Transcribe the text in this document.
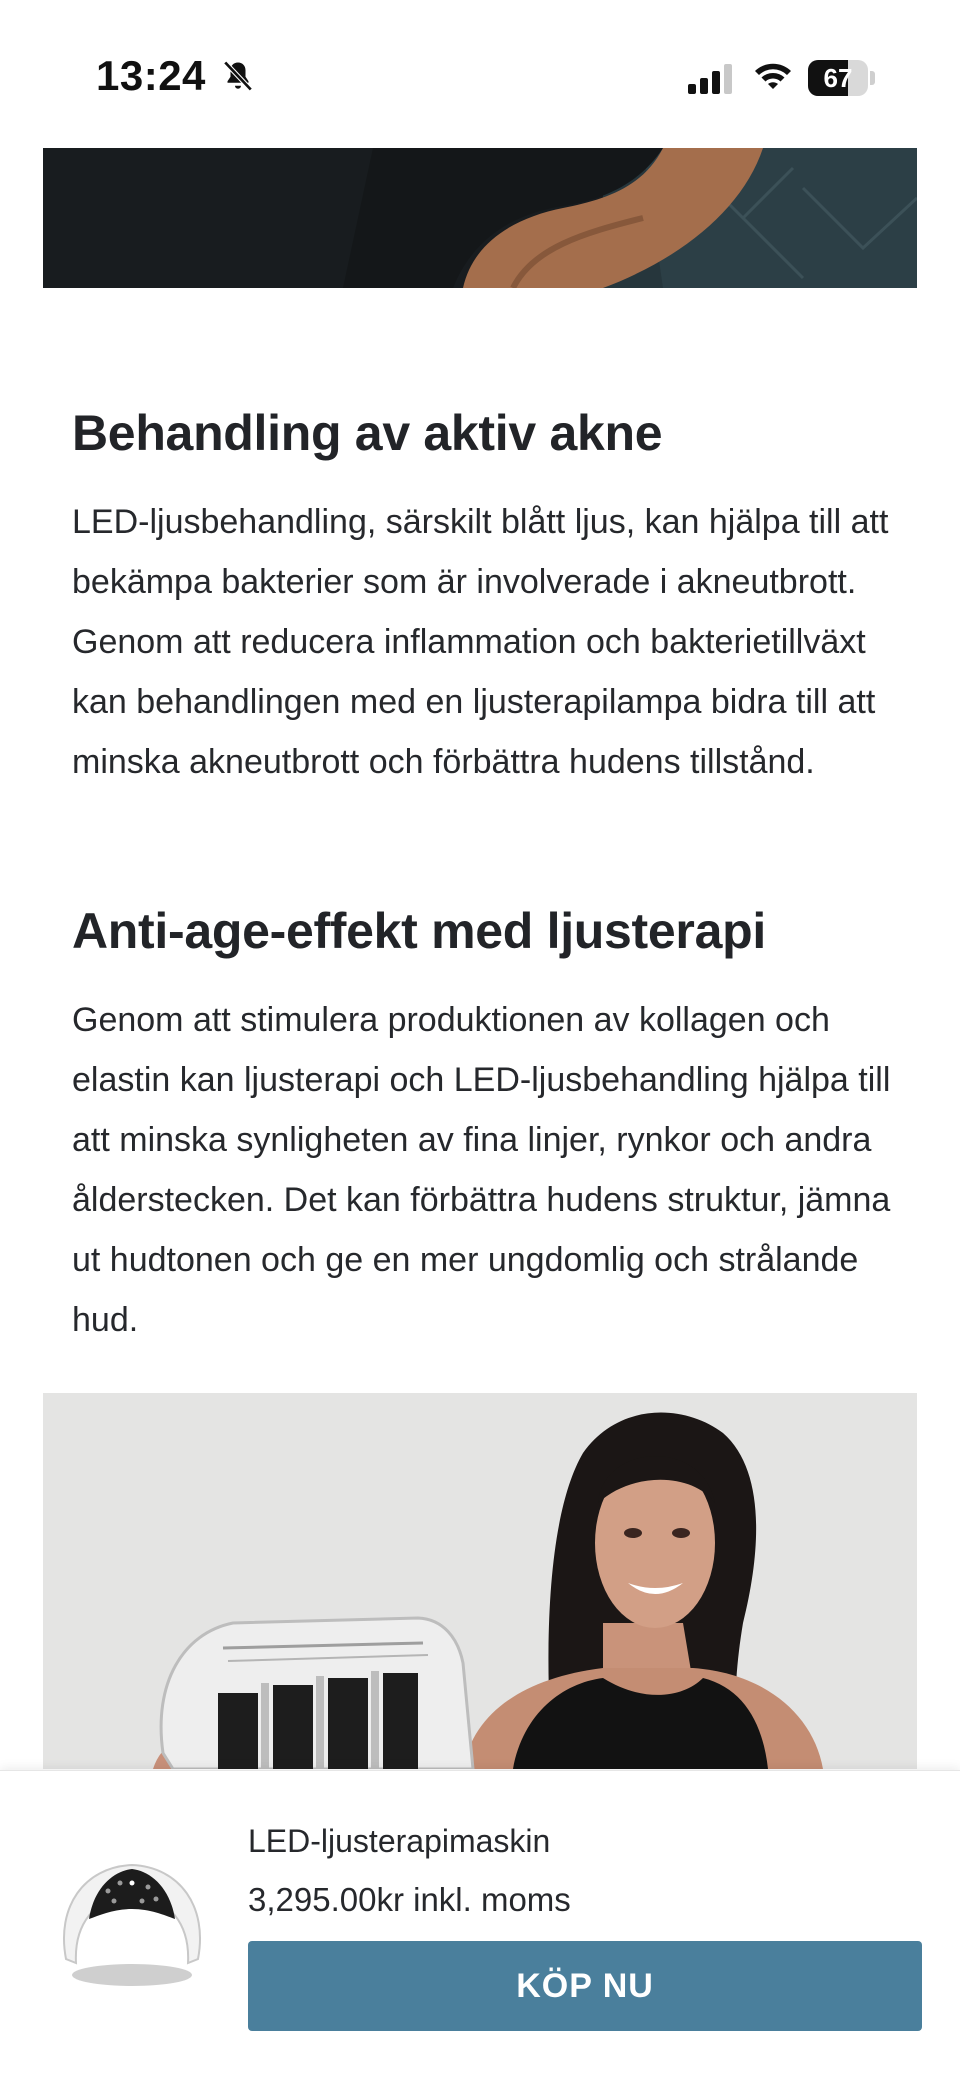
13:24	67
Behandling av aktiv akne

LED-ljusbehandling, särskilt blått ljus, kan hjälpa till att bekämpa bakterier som är involverade i akneutbrott. Genom att reducera inflammation och bakterietillväxt kan behandlingen med en ljusterapilampa bidra till att minska akneutbrott och förbättra hudens tillstånd.

Anti-age-effekt med ljusterapi

Genom att stimulera produktionen av kollagen och elastin kan ljusterapi och LED-ljusbehandling hjälpa till att minska synligheten av fina linjer, rynkor och andra ålderstecken. Det kan förbättra hudens struktur, jämna ut hudtonen och ge en mer ungdomlig och strålande hud.

LED-ljusterapimaskin

3,295.00kr inkl. moms

KÖP NU
